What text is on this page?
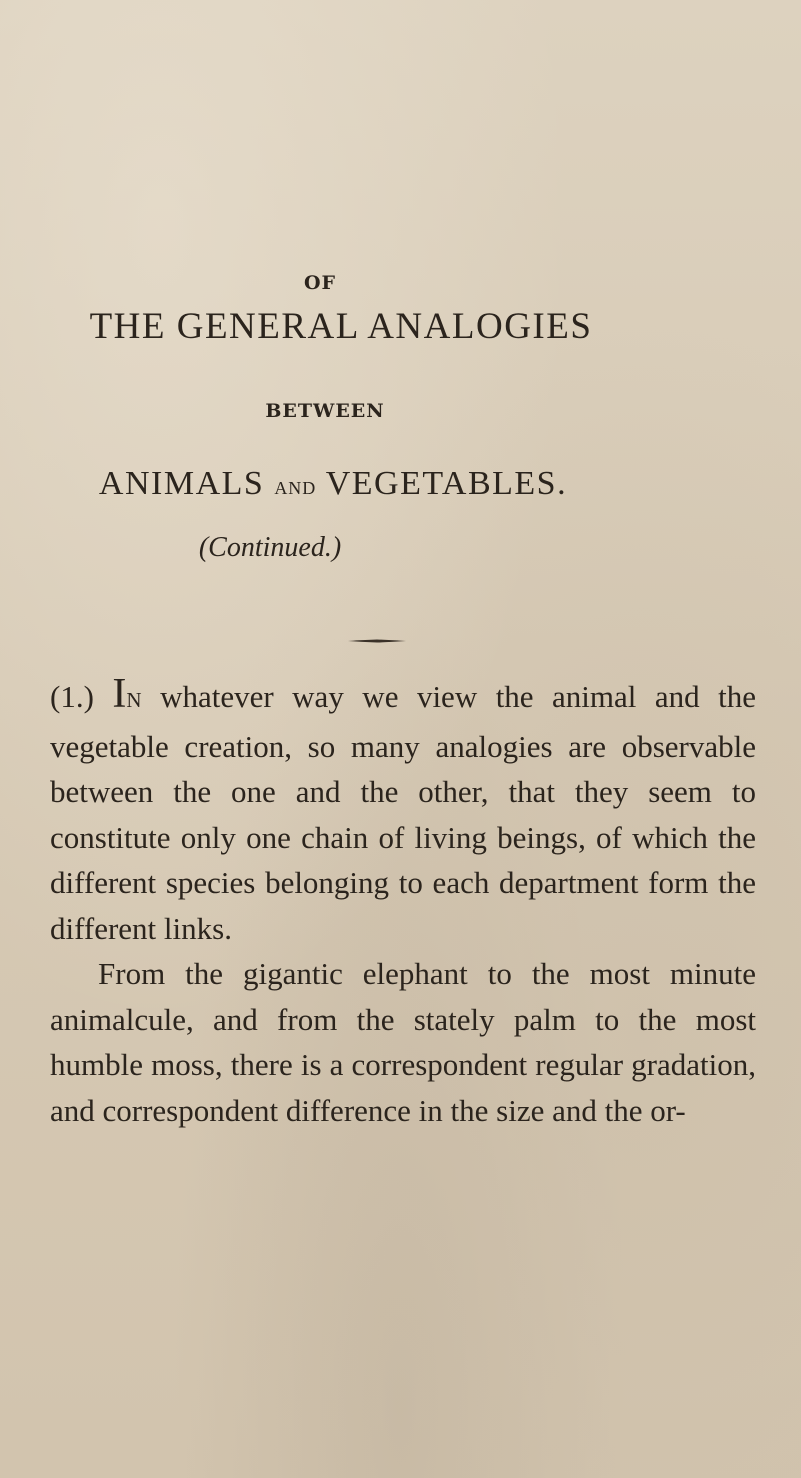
OF
THE GENERAL ANALOGIES
BETWEEN
ANIMALS AND VEGETABLES.
(Continued.)

(1.) IN whatever way we view the animal and the vegetable creation, so many analogies are observable between the one and the other, that they seem to constitute only one chain of living beings, of which the different species belonging to each department form the different links.

From the gigantic elephant to the most minute animalcule, and from the stately palm to the most humble moss, there is a correspondent regular gradation, and correspondent difference in the size and the or-
